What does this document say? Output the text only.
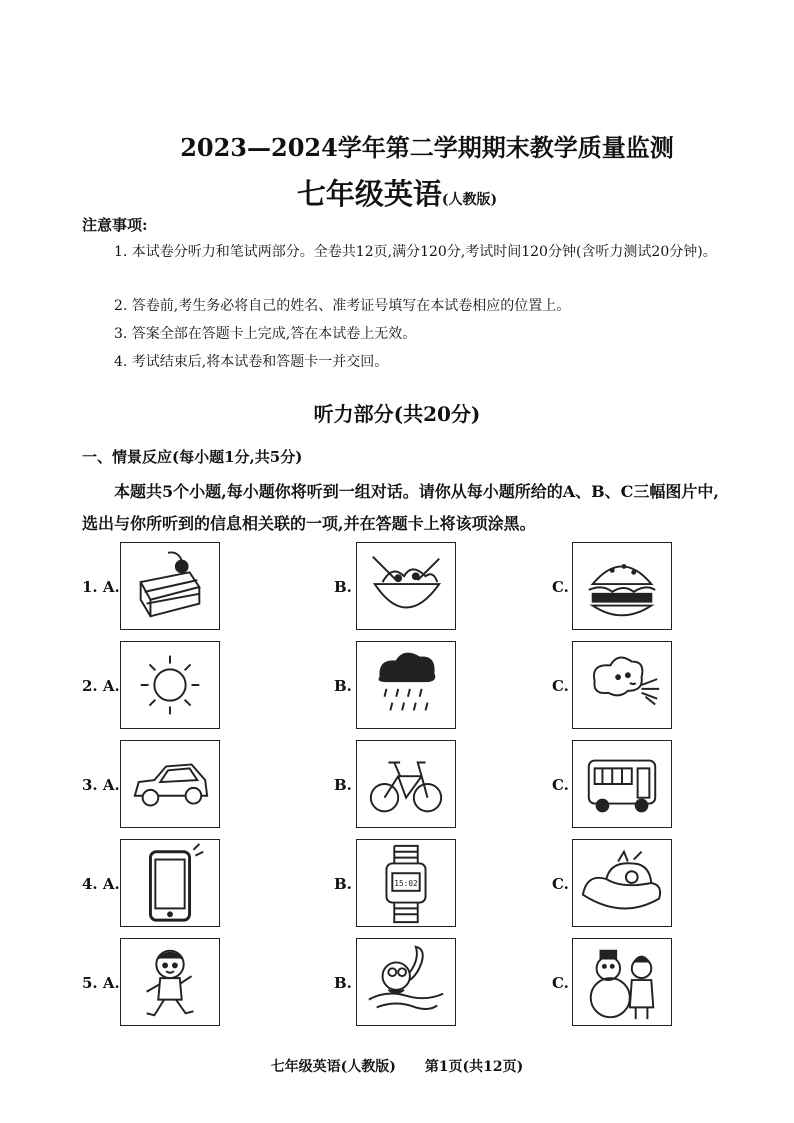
2023—2024学年第二学期期末教学质量监测
七年级英语(人教版)
注意事项:
1. 本试卷分听力和笔试两部分。全卷共12页,满分120分,考试时间120分钟(含听力测试20分钟)。
2. 答卷前,考生务必将自己的姓名、准考证号填写在本试卷相应的位置上。
3. 答案全部在答题卡上完成,答在本试卷上无效。
4. 考试结束后,将本试卷和答题卡一并交回。
听力部分(共20分)
一、情景反应(每小题1分,共5分)
本题共5个小题,每小题你将听到一组对话。请你从每小题所给的A、B、C三幅图片中,选出与你所听到的信息相关联的一项,并在答题卡上将该项涂黑。
1. A.	B.	C.
2. A.	B.	C.
3. A.	B.	C.
4. A.	B.	15:02	C.
5. A.	B.	C.
七年级英语(人教版) 第1页(共12页)
